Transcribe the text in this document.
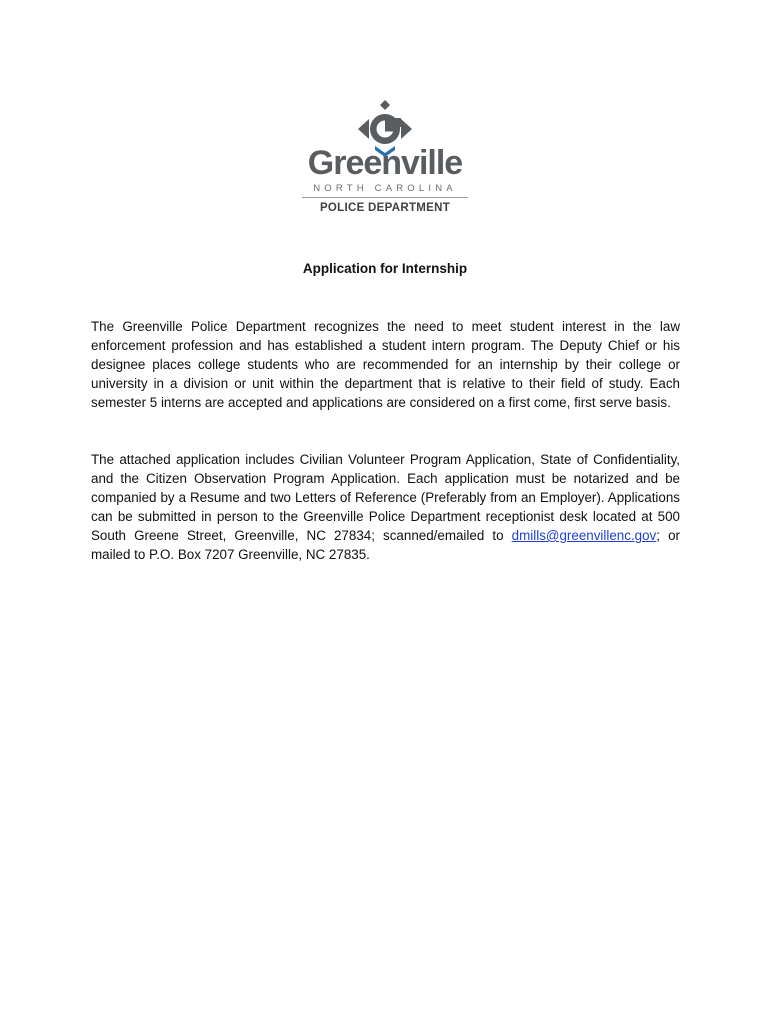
Greenville
NORTH CAROLINA
POLICE DEPARTMENT
Application for Internship

The Greenville Police Department recognizes the need to meet student interest in the law enforcement profession and has established a student intern program. The Deputy Chief or his designee places college students who are recommended for an internship by their college or university in a division or unit within the department that is relative to their field of study. Each semester 5 interns are accepted and applications are considered on a first come, first serve basis.

The attached application includes Civilian Volunteer Program Application, State of Confidentiality, and the Citizen Observation Program Application. Each application must be notarized and be companied by a Resume and two Letters of Reference (Preferably from an Employer). Applications can be submitted in person to the Greenville Police Department receptionist desk located at 500 South Greene Street, Greenville, NC 27834; scanned/emailed to dmills@greenvillenc.gov; or mailed to P.O. Box 7207 Greenville, NC 27835.
